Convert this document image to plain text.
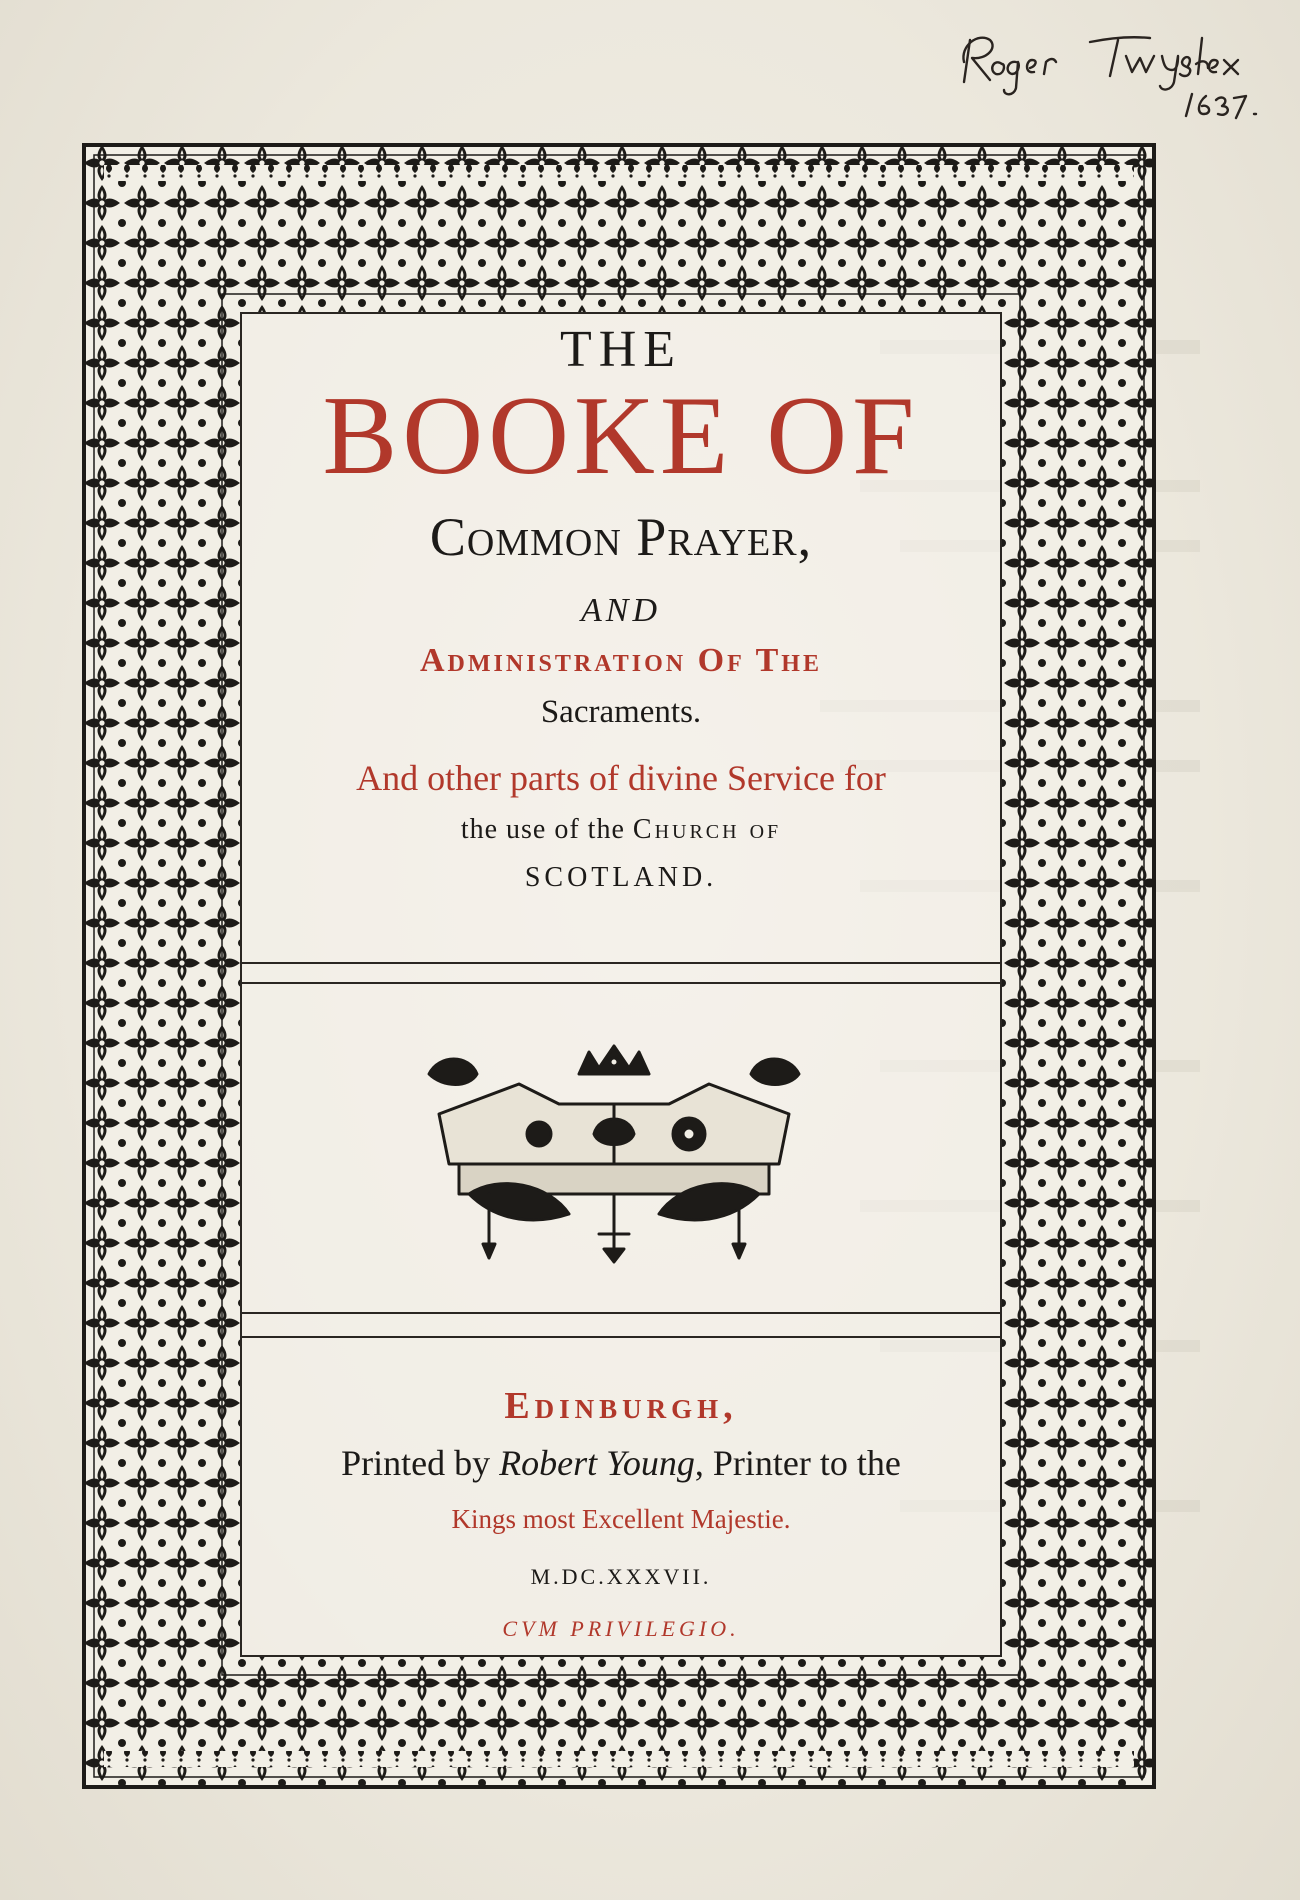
THE
BOOKE OF
Common Prayer,
AND
Administration Of The
Sacraments.
And other parts of divine Service for
the use of the Church of
SCOTLAND.
Edinburgh,
Printed by Robert Young, Printer to the
Kings most Excellent Majestie.
M.DC.XXXVII.
CVM PRIVILEGIO.
